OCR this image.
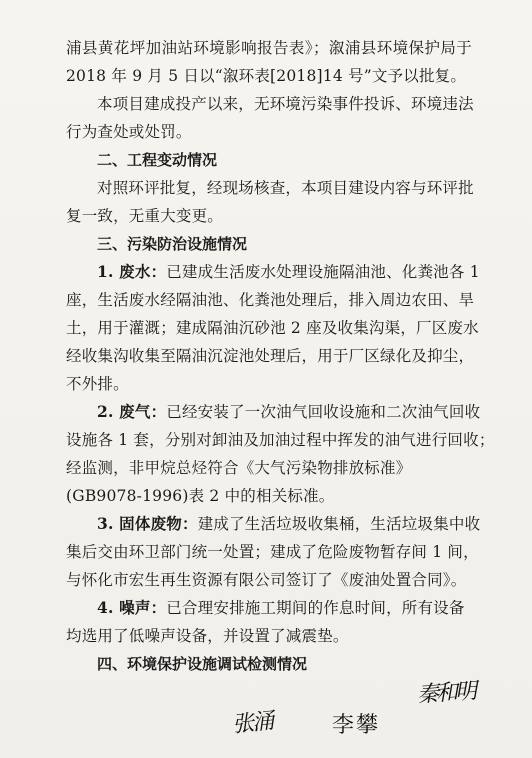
浦县黄花坪加油站环境影响报告表》；溆浦县环境保护局于
2018 年 9 月 5 日以“溆环表[2018]14 号”文予以批复。
本项目建成投产以来，无环境污染事件投诉、环境违法
行为查处或处罚。
二、工程变动情况
对照环评批复，经现场核查，本项目建设内容与环评批
复一致，无重大变更。
三、污染防治设施情况
1. 废水：已建成生活废水处理设施隔油池、化粪池各 1
座，生活废水经隔油池、化粪池处理后，排入周边农田、旱
土，用于灌溉；建成隔油沉砂池 2 座及收集沟渠，厂区废水
经收集沟收集至隔油沉淀池处理后，用于厂区绿化及抑尘，
不外排。
2. 废气：已经安装了一次油气回收设施和二次油气回收
设施各 1 套，分别对卸油及加油过程中挥发的油气进行回收；
经监测，非甲烷总烃符合《大气污染物排放标准》
(GB9078-1996)表 2 中的相关标准。
3. 固体废物：建成了生活垃圾收集桶，生活垃圾集中收
集后交由环卫部门统一处置；建成了危险废物暂存间 1 间，
与怀化市宏生再生资源有限公司签订了《废油处置合同》。
4. 噪声：已合理安排施工期间的作息时间，所有设备
均选用了低噪声设备，并设置了减震垫。
四、环境保护设施调试检测情况
秦和明
张涌	李攀
